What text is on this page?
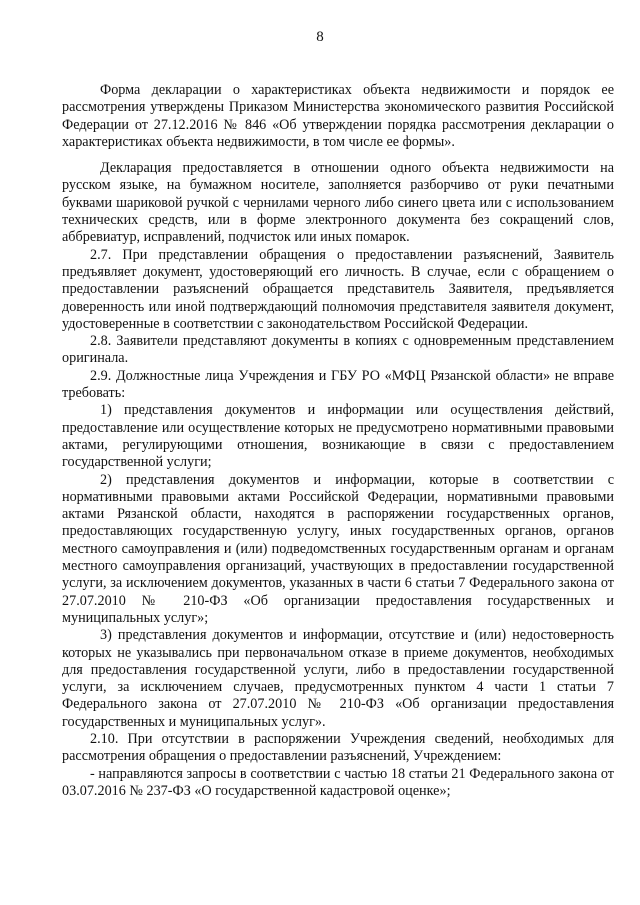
8

Форма декларации о характеристиках объекта недвижимости и порядок ее рассмотрения утверждены Приказом Министерства экономического развития Российской Федерации от 27.12.2016 № 846 «Об утверждении порядка рассмотрения декларации о характеристиках объекта недвижимости, в том числе ее формы».

Декларация предоставляется в отношении одного объекта недвижимости на русском языке, на бумажном носителе, заполняется разборчиво от руки печатными буквами шариковой ручкой с чернилами черного либо синего цвета или с использованием технических средств, или в форме электронного документа без сокращений слов, аббревиатур, исправлений, подчисток или иных помарок.

2.7. При представлении обращения о предоставлении разъяснений, Заявитель предъявляет документ, удостоверяющий его личность. В случае, если с обращением о предоставлении разъяснений обращается представитель Заявителя, предъявляется доверенность или иной подтверждающий полномочия представителя заявителя документ, удостоверенные в соответствии с законодательством Российской Федерации.

2.8. Заявители представляют документы в копиях с одновременным представлением оригинала.

2.9. Должностные лица Учреждения и ГБУ РО «МФЦ Рязанской области» не вправе требовать:

1) представления документов и информации или осуществления действий, предоставление или осуществление которых не предусмотрено нормативными правовыми актами, регулирующими отношения, возникающие в связи с предоставлением государственной услуги;

2) представления документов и информации, которые в соответствии с нормативными правовыми актами Российской Федерации, нормативными правовыми актами Рязанской области, находятся в распоряжении государственных органов, предоставляющих государственную услугу, иных государственных органов, органов местного самоуправления и (или) подведомственных государственным органам и органам местного самоуправления организаций, участвующих в предоставлении государственной услуги, за исключением документов, указанных в части 6 статьи 7 Федерального закона от 27.07.2010 № 210-ФЗ «Об организации предоставления государственных и муниципальных услуг»;

3) представления документов и информации, отсутствие и (или) недостоверность которых не указывались при первоначальном отказе в приеме документов, необходимых для предоставления государственной услуги, либо в предоставлении государственной услуги, за исключением случаев, предусмотренных пунктом 4 части 1 статьи 7 Федерального закона от 27.07.2010 № 210-ФЗ «Об организации предоставления государственных и муниципальных услуг».

2.10. При отсутствии в распоряжении Учреждения сведений, необходимых для рассмотрения обращения о предоставлении разъяснений, Учреждением:

- направляются запросы в соответствии с частью 18 статьи 21 Федерального закона от 03.07.2016 № 237-ФЗ «О государственной кадастровой оценке»;
